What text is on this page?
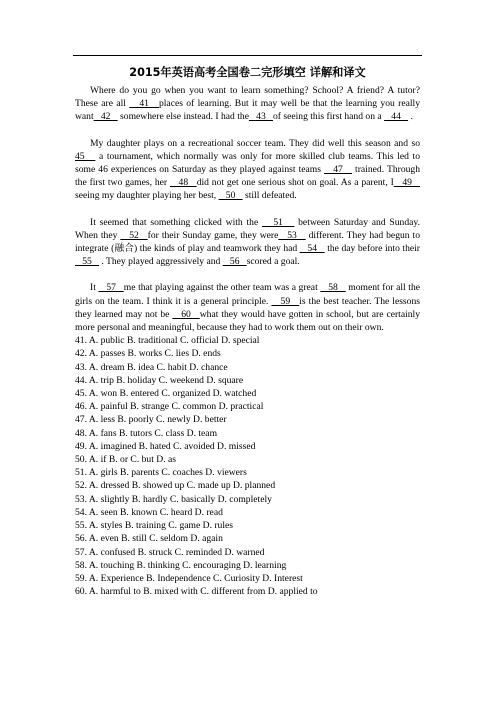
2015年英语高考全国卷二完形填空 详解和译文

Where do you go when you want to learn something? School? A friend? A tutor? These are all    41   places of learning. But it may well be that the learning you really want   42    somewhere else instead. I had the   43   of seeing this first hand on a    44    .

My daughter plays on a recreational soccer team. They did well this season and so 45    a tournament, which normally was only for more skilled club teams. This led to some 46 experiences on Saturday as they played against teams    47    trained. Through the first two games, her    48   did not get one serious shot on goal. As a parent, I   49    seeing my daughter playing her best,    50    still defeated.

It seemed that something clicked with the    51    between Saturday and Sunday. When they    52   for their Sunday game, they were   53    different. They had begun to integrate (融合) the kinds of play and teamwork they had    54    the day before into their    55    . They played aggressively and    56   scored a goal.

It    57   me that playing against the other team was a great    58    moment for all the girls on the team. I think it is a general principle.    59   is the best teacher. The lessons they learned may not be    60   what they would have gotten in school, but are certainly more personal and meaningful, because they had to work them out on their own.

41. A. public B. traditional C. official D. special
42. A. passes B. works C. lies D. ends
43. A. dream B. idea C. habit D. chance
44. A. trip B. holiday C. weekend D. square
45. A. won B. entered C. organized D. watched
46. A. painful B. strange C. common D. practical
47. A. less B. poorly C. newly D. better
48. A. fans B. tutors C. class D. team
49. A. imagined B. hated C. avoided D. missed
50. A. if B. or C. but D. as
51. A. girls B. parents C. coaches D. viewers
52. A. dressed B. showed up C. made up D. planned
53. A. slightly B. hardly C. basically D. completely
54. A. seen B. known C. heard D. read
55. A. styles B. training C. game D. rules
56. A. even B. still C. seldom D. again
57. A. confused B. struck C. reminded D. warned
58. A. touching B. thinking C. encouraging D. learning
59. A. Experience B. Independence C. Curiosity D. Interest
60. A. harmful to B. mixed with C. different from D. applied to
